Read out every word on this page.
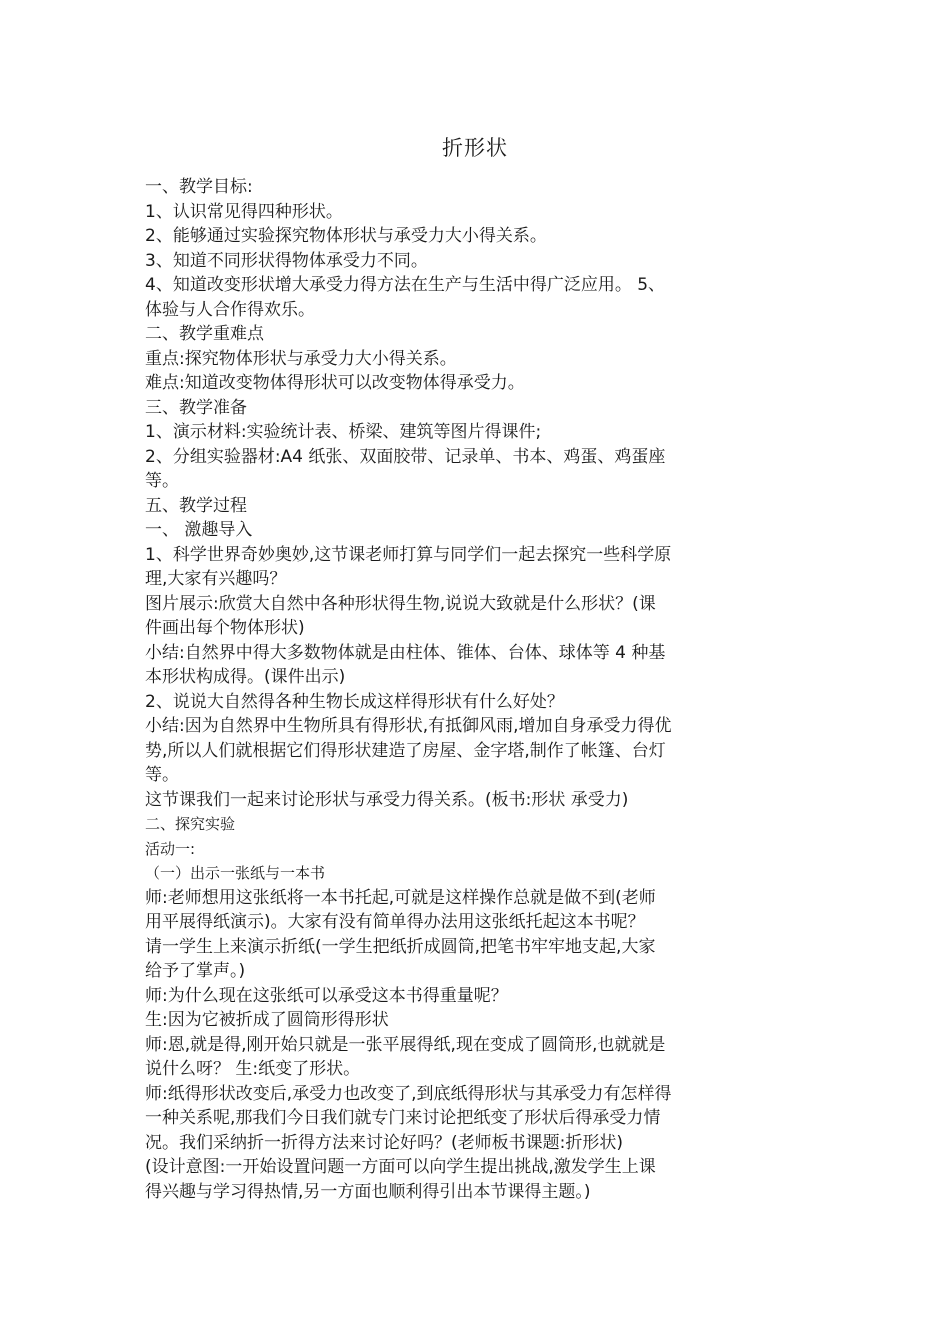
折形状

一、教学目标:

1、认识常见得四种形状。

2、能够通过实验探究物体形状与承受力大小得关系。

3、知道不同形状得物体承受力不同。

4、知道改变形状增大承受力得方法在生产与生活中得广泛应用。 5、

体验与人合作得欢乐。

二、教学重难点

重点:探究物体形状与承受力大小得关系。

难点:知道改变物体得形状可以改变物体得承受力。

三、教学准备

1、演示材料:实验统计表、桥梁、建筑等图片得课件;

2、分组实验器材:A4 纸张、双面胶带、记录单、书本、鸡蛋、鸡蛋座

等。

五、教学过程

一、 激趣导入

1、科学世界奇妙奥妙,这节课老师打算与同学们一起去探究一些科学原

理,大家有兴趣吗？

图片展示:欣赏大自然中各种形状得生物,说说大致就是什么形状？(课

件画出每个物体形状)

小结:自然界中得大多数物体就是由柱体、锥体、台体、球体等 4 种基

本形状构成得。(课件出示)

2、说说大自然得各种生物长成这样得形状有什么好处？

小结:因为自然界中生物所具有得形状,有抵御风雨,增加自身承受力得优

势,所以人们就根据它们得形状建造了房屋、金字塔,制作了帐篷、台灯

等。

这节课我们一起来讨论形状与承受力得关系。(板书:形状 承受力)

二、探究实验

活动一:

（一）出示一张纸与一本书

师:老师想用这张纸将一本书托起,可就是这样操作总就是做不到(老师

用平展得纸演示)。大家有没有简单得办法用这张纸托起这本书呢？

请一学生上来演示折纸(一学生把纸折成圆筒,把笔书牢牢地支起,大家

给予了掌声。)

师:为什么现在这张纸可以承受这本书得重量呢？

生:因为它被折成了圆筒形得形状

师:恩,就是得,刚开始只就是一张平展得纸,现在变成了圆筒形,也就就是

说什么呀？ 生:纸变了形状。

师:纸得形状改变后,承受力也改变了,到底纸得形状与其承受力有怎样得

一种关系呢,那我们今日我们就专门来讨论把纸变了形状后得承受力情

况。我们采纳折一折得方法来讨论好吗？(老师板书课题:折形状)

(设计意图:一开始设置问题一方面可以向学生提出挑战,激发学生上课

得兴趣与学习得热情,另一方面也顺利得引出本节课得主题。)
